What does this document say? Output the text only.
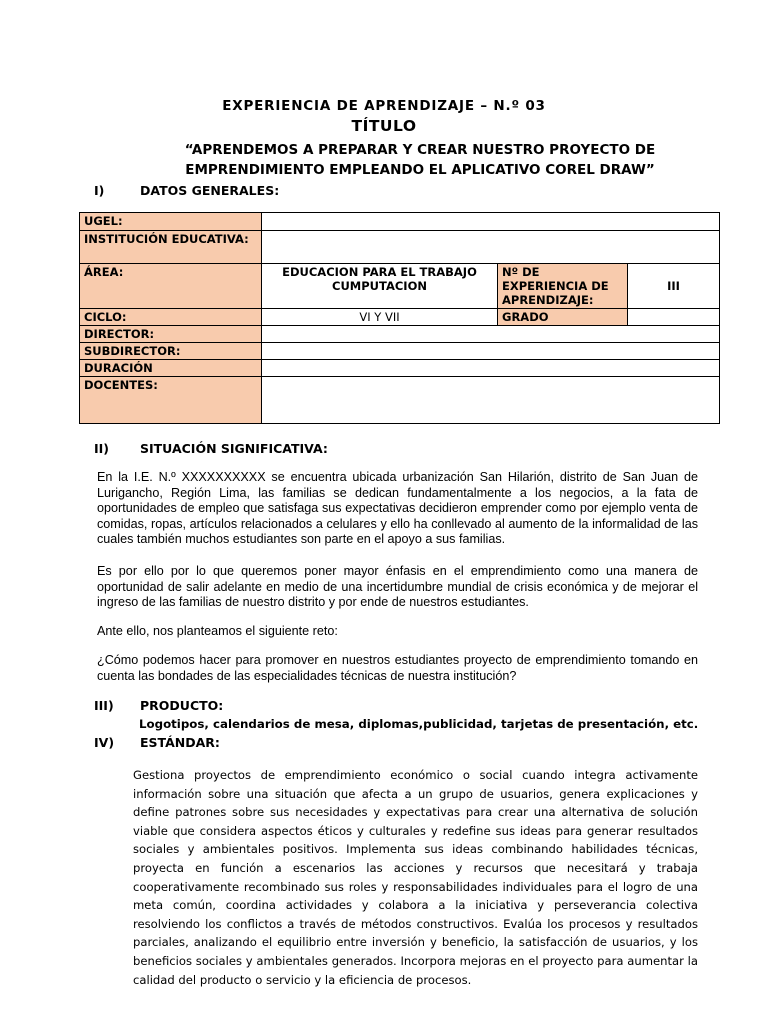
EXPERIENCIA DE APRENDIZAJE – N.º 03
TÍTULO
“APRENDEMOS A PREPARAR Y CREAR NUESTRO PROYECTO DE EMPRENDIMIENTO EMPLEANDO EL APLICATIVO COREL DRAW”
I)	DATOS GENERALES:
UGEL:			
INSTITUCIÓN EDUCATIVA:			
ÁREA:	EDUCACION PARA EL TRABAJO CUMPUTACION	Nº DE EXPERIENCIA DE APRENDIZAJE:	III
CICLO:	VI Y VII	GRADO	
DIRECTOR:			
SUBDIRECTOR:			
DURACIÓN			
DOCENTES:			
II) SITUACIÓN SIGNIFICATIVA:
En la I.E. N.º XXXXXXXXXX se encuentra ubicada urbanización San Hilarión, distrito de San Juan de Lurigancho, Región Lima, las familias se dedican fundamentalmente a los negocios, a la fata de oportunidades de empleo que satisfaga sus expectativas decidieron emprender como por ejemplo venta de comidas, ropas, artículos relacionados a celulares y ello ha conllevado al aumento de la informalidad de las cuales también muchos estudiantes son parte en el apoyo a sus familias.
Es por ello por lo que queremos poner mayor énfasis en el emprendimiento como una manera de oportunidad de salir adelante en medio de una incertidumbre mundial de crisis económica y de mejorar el ingreso de las familias de nuestro distrito y por ende de nuestros estudiantes.
Ante ello, nos planteamos el siguiente reto:
¿Cómo podemos hacer para promover en nuestros estudiantes proyecto de emprendimiento tomando en cuenta las bondades de las especialidades técnicas de nuestra institución?
III) PRODUCTO:
Logotipos, calendarios de mesa, diplomas,publicidad, tarjetas de presentación, etc.
IV) ESTÁNDAR:
Gestiona proyectos de emprendimiento económico o social cuando integra activamente información sobre una situación que afecta a un grupo de usuarios, genera explicaciones y define patrones sobre sus necesidades y expectativas para crear una alternativa de solución viable que considera aspectos éticos y culturales y redefine sus ideas para generar resultados sociales y ambientales positivos. Implementa sus ideas combinando habilidades técnicas, proyecta en función a escenarios las acciones y recursos que necesitará y trabaja cooperativamente recombinado sus roles y responsabilidades individuales para el logro de una meta común, coordina actividades y colabora a la iniciativa y perseverancia colectiva resolviendo los conflictos a través de métodos constructivos. Evalúa los procesos y resultados parciales, analizando el equilibrio entre inversión y beneficio, la satisfacción de usuarios, y los beneficios sociales y ambientales generados. Incorpora mejoras en el proyecto para aumentar la calidad del producto o servicio y la eficiencia de procesos.
